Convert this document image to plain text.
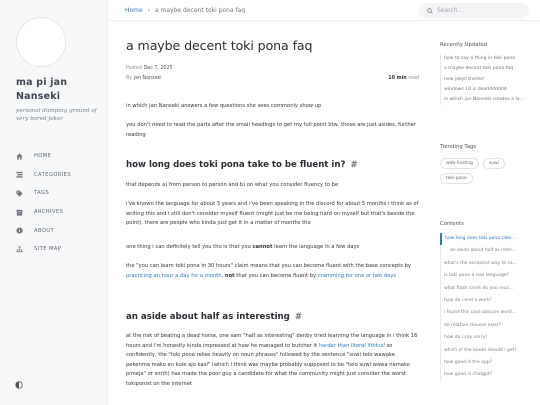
ma pi jan Nanseki
personal dumping ground of very bored joker
HOME
CATEGORIES
TAGS
ARCHIVES
ABOUT
SITE MAP
Home › a maybe decent toki pona faq
Search...
a maybe decent toki pona faq
Posted Dec 7, 2025
By jan Nanseki	10 min read

in which jan Nanseki answers a few questions she sees commonly show up

you don't need to read the parts after the small headings to get my full point btw, those are just asides, further reading

how long does toki pona take to be fluent in? #

that depends a) from person to person and b) on what you consider fluency to be

i've known the language for about 3 years and i've been speaking in the discord for about 5 months i think as of writing this and i still don't consider myself fluent (might just be me being hard on myself but that's beside the point), there are people who kinda just get it in a matter of months tho

one thing i can definitely tell you tho is that you cannot learn the language in a few days

the "you can learn toki pona in 30 hours" claim means that you can become fluent with the base concepts by practicing an hour a day for a month, not that you can become fluent by cramming for one or two days

an aside about half as interesting #

at the risk of beating a dead horse, one sam "half as interesting" denby tried learning the language in i think 16 hours and i'm honestly kinda impressed at how he managed to butcher it harder than literal ilthkuil so confidently, the "toki pona relies heavily on noun phrases" followed by the sentence "suwi telo wawake pekenma mako en kule ajo kasi" (which i think was maybe probably supposed to be "telo suwi wawa namako pimeja" or smth) has made the poor guy a candidate for what the community might just consider the worst tokiponist on the internet

Recently Updated
how to say a thing in toki pona
a maybe decent toki pona faq
new jekyll theme!
windows 10 is deaddddddd
in which jan Nanseki creates a la...
Trending Tags
web-hosting	suwi
toki-pona
Contents
how long does toki pona take...
an aside about half as inter...
what's the accepted way to sa...
is toki pona a real language?
what flash cards do you reco...
how do i end a work?
i found this cool obscure word...
do relative clauses exist?
how do i say sorry?
which of the books should i get?
how good is the app?
how good is chatgpt?
